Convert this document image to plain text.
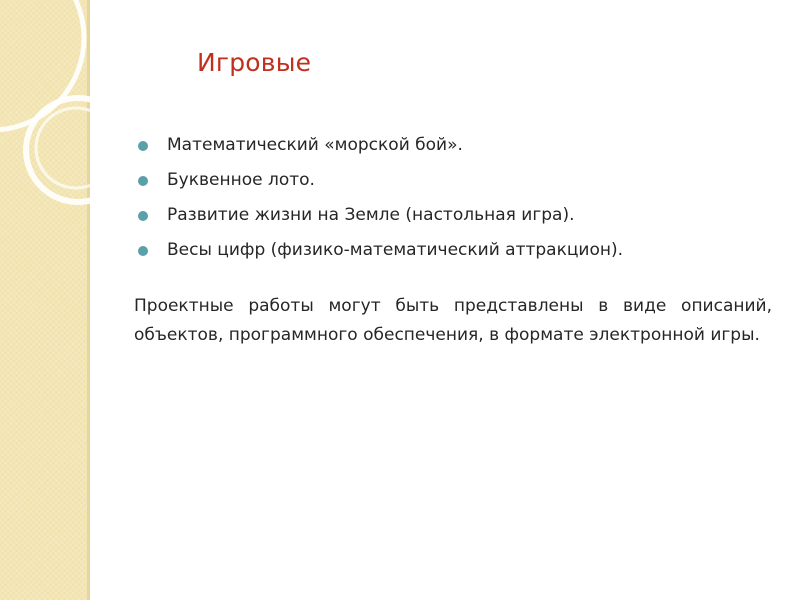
Игровые
Математический «морской бой».
Буквенное лото.
Развитие жизни на Земле (настольная игра).
Весы цифр (физико-математический аттракцион).
Проектные работы могут быть представлены в виде описаний, объектов, программного обеспечения, в формате электронной игры.
